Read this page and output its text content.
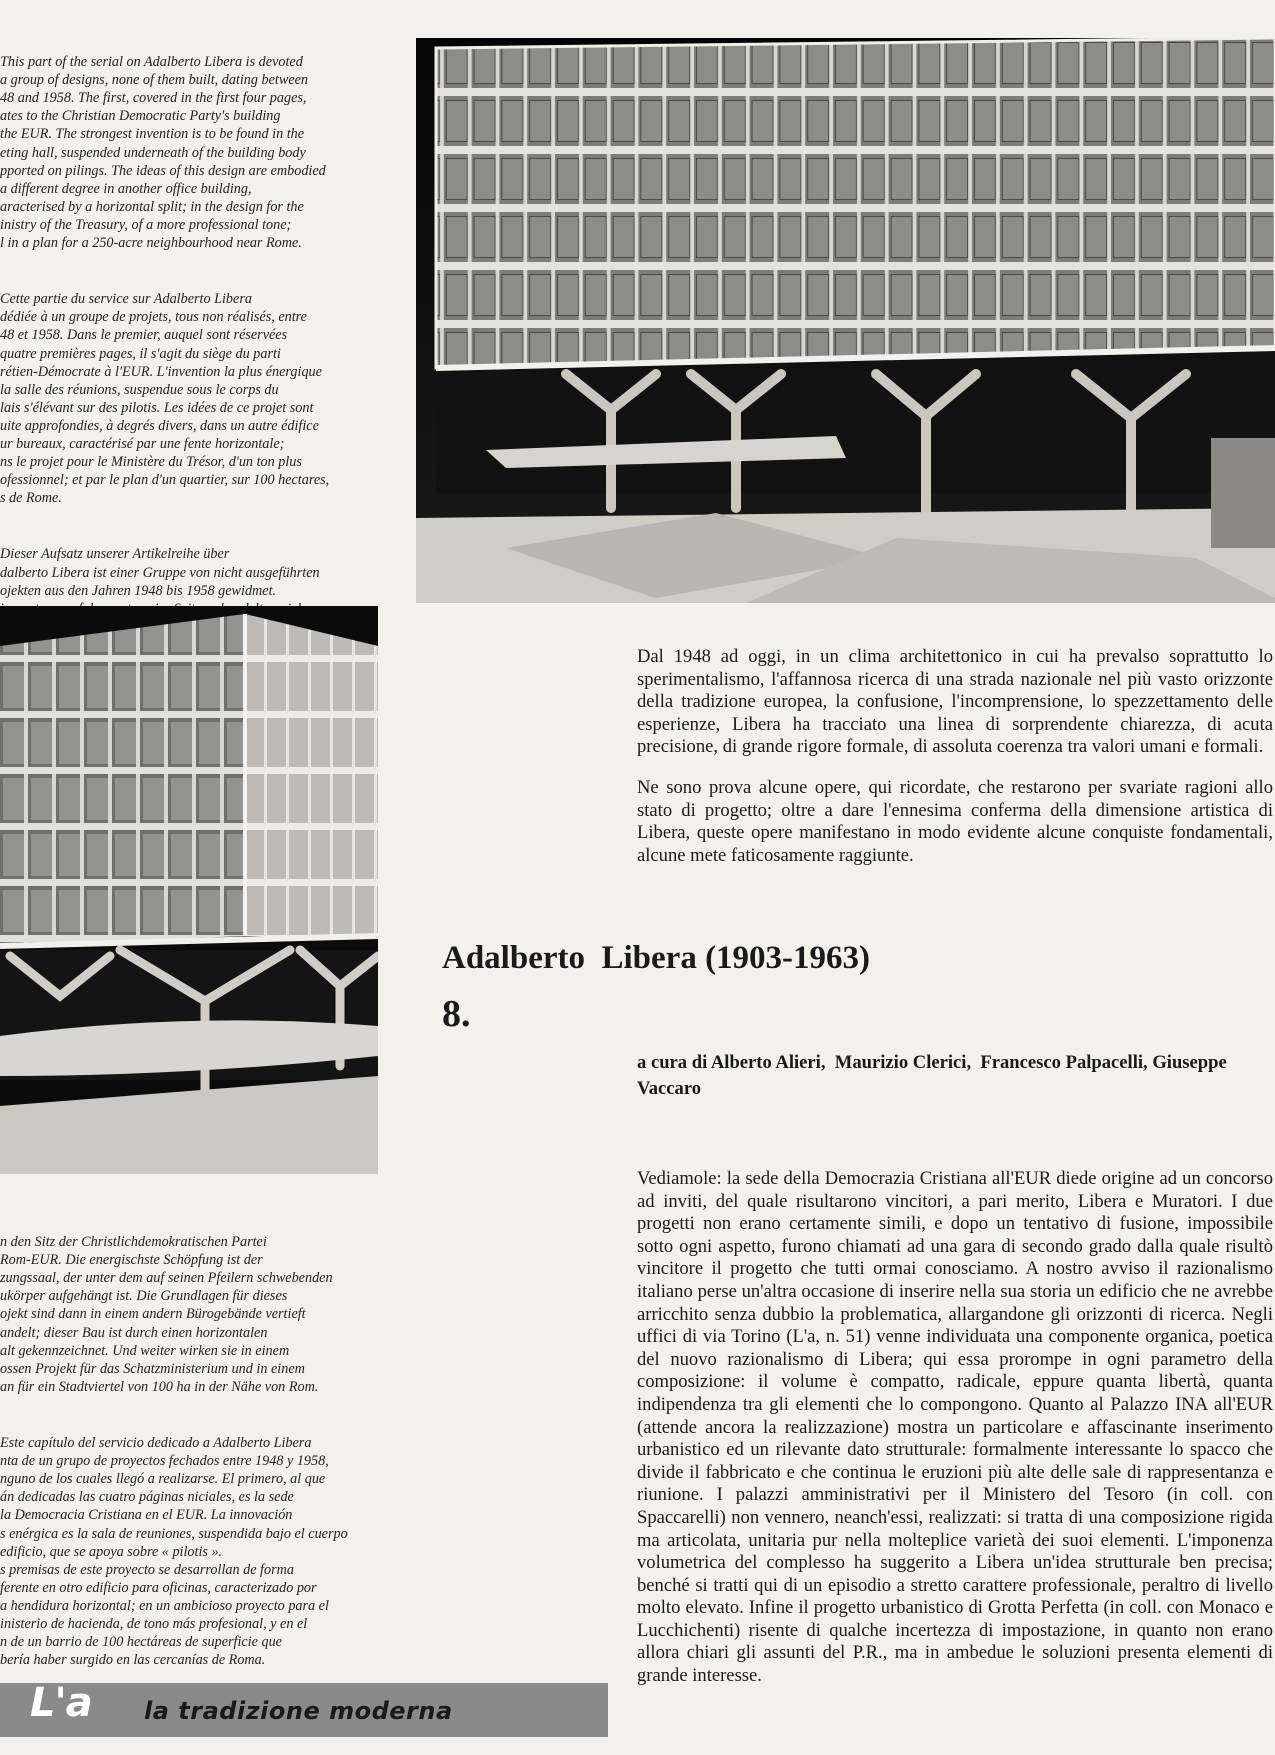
This part of the serial on Adalberto Libera is devoted
a group of designs, none of them built, dating between
48 and 1958. The first, covered in the first four pages,
ates to the Christian Democratic Party's building
the EUR. The strongest invention is to be found in the
eting hall, suspended underneath of the building body
pported on pilings. The ideas of this design are embodied
a different degree in another office building,
aracterised by a horizontal split; in the design for the
inistry of the Treasury, of a more professional tone;
l in a plan for a 250-acre neighbourhood near Rome.

Cette partie du service sur Adalberto Libera
dédiée à un groupe de projets, tous non réalisés, entre
48 et 1958. Dans le premier, auquel sont réservées
quatre premières pages, il s'agit du siège du parti
rétien-Démocrate à l'EUR. L'invention la plus énergique
la salle des réunions, suspendue sous le corps du
lais s'élévant sur des pilotis. Les idées de ce projet sont
uite approfondies, à degrés divers, dans un autre édifice
ur bureaux, caractérisé par une fente horizontale;
ns le projet pour le Ministère du Trésor, d'un ton plus
ofessionnel; et par le plan d'un quartier, sur 100 hectares,
s de Rome.

Dieser Aufsatz unserer Artikelreihe über
dalberto Libera ist einer Gruppe von nicht ausgeführten
ojekten aus den Jahren 1948 bis 1958 gewidmet.

Dal 1948 ad oggi, in un clima architettonico in cui ha prevalso soprattutto lo sperimentalismo, l'affannosa ricerca di una strada nazionale nel più vasto orizzonte della tradizione europea, la confusione, l'incomprensione, lo spezzettamento delle esperienze, Libera ha tracciato una linea di sorprendente chiarezza, di acuta precisione, di grande rigore formale, di assoluta coerenza tra valori umani e formali.

Ne sono prova alcune opere, qui ricordate, che restarono per svariate ragioni allo stato di progetto; oltre a dare l'ennesima conferma della dimensione artistica di Libera, queste opere manifestano in modo evidente alcune conquiste fondamentali, alcune mete faticosamente raggiunte.

Adalberto  Libera (1903-1963)
8.
a cura di Alberto Alieri,  Maurizio Clerici,  Francesco Palpacelli, Giuseppe Vaccaro

Vediamole: la sede della Democrazia Cristiana all'EUR diede origine ad un concorso ad inviti, del quale risultarono vincitori, a pari merito, Libera e Muratori. I due progetti non erano certamente simili, e dopo un tentativo di fusione, impossibile sotto ogni aspetto, furono chiamati ad una gara di secondo grado dalla quale risultò vincitore il progetto che tutti ormai conosciamo. A nostro avviso il razionalismo italiano perse un'altra occasione di inserire nella sua storia un edificio che ne avrebbe arricchito senza dubbio la problematica, allargandone gli orizzonti di ricerca. Negli uffici di via Torino (L'a, n. 51) venne individuata una componente organica, poetica del nuovo razionalismo di Libera; qui essa prorompe in ogni parametro della composizione: il volume è compatto, radicale, eppure quanta libertà, quanta indipendenza tra gli elementi che lo compongono. Quanto al Palazzo INA all'EUR (attende ancora la realizzazione) mostra un particolare e affascinante inserimento urbanistico ed un rilevante dato strutturale: formalmente interessante lo spacco che divide il fabbricato e che continua le eruzioni più alte delle sale di rappresentanza e riunione. I palazzi amministrativi per il Ministero del Tesoro (in coll. con Spaccarelli) non vennero, neanch'essi, realizzati: si tratta di una composizione rigida ma articolata, unitaria pur nella molteplice varietà dei suoi elementi. L'imponenza volumetrica del complesso ha suggerito a Libera un'idea strutturale ben precisa; benché si tratti qui di un episodio a stretto carattere professionale, peraltro di livello molto elevato. Infine il progetto urbanistico di Grotta Perfetta (in coll. con Monaco e Lucchichenti) risente di qualche incertezza di impostazione, in quanto non erano allora chiari gli assunti del P.R., ma in ambedue le soluzioni presenta elementi di grande interesse.

n den Sitz der Christlichdemokratischen Partei
Rom-EUR. Die energischste Schöpfung ist der
zungssaal, der unter dem auf seinen Pfeilern schwebenden
ukörper aufgehängt ist. Die Grundlagen für dieses
ojekt sind dann in einem andern Bürogebände vertieft
andelt; dieser Bau ist durch einen horizontalen
alt gekennzeichnet. Und weiter wirken sie in einem
ossen Projekt für das Schatzministerium und in einem
an für ein Stadtviertel von 100 ha in der Nähe von Rom.

Este capítulo del servicio dedicado a Adalberto Libera
nta de un grupo de proyectos fechados entre 1948 y 1958,
nguno de los cuales llegó a realizarse. El primero, al que
án dedicadas las cuatro páginas niciales, es la sede
la Democracia Cristiana en el EUR. La innovación
s enérgica es la sala de reuniones, suspendida bajo el cuerpo
edificio, que se apoya sobre « pilotis ».
s premisas de este proyecto se desarrollan de forma
ferente en otro edificio para oficinas, caracterizado por
a hendidura horizontal; en un ambicioso proyecto para el
inisterio de hacienda, de tono más profesional, y en el
n de un barrio de 100 hectáreas de superficie que
bería haber surgido en las cercanías de Roma.

L'a la tradizione moderna
